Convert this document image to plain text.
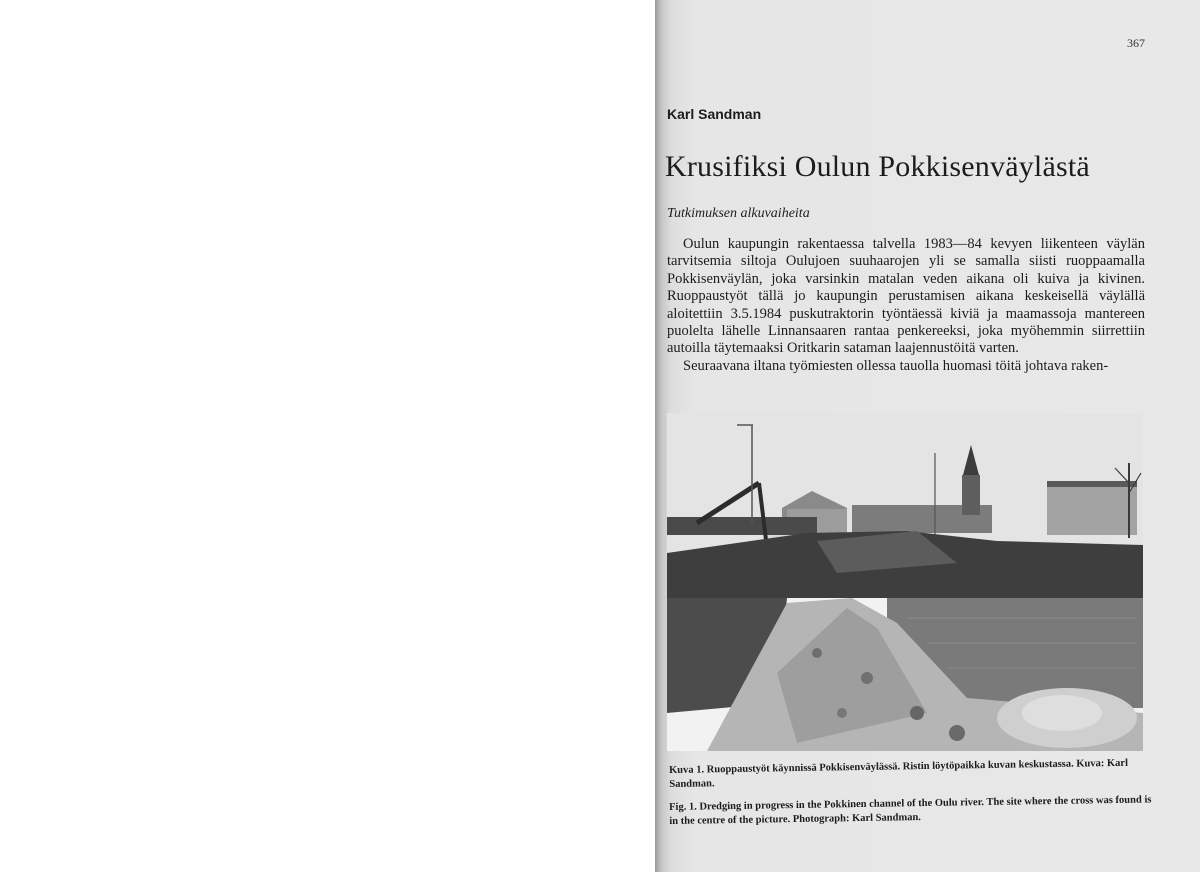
367
Karl Sandman
Krusifiksi Oulun Pokkisenväylästä
Tutkimuksen alkuvaiheita

Oulun kaupungin rakentaessa talvella 1983—84 kevyen liikenteen väylän tarvitsemia siltoja Oulujoen suuhaarojen yli se samalla siisti ruoppaamalla Pokkisenväylän, joka varsinkin matalan veden aikana oli kuiva ja kivinen. Ruoppaustyöt tällä jo kaupungin perustamisen aikana keskeisellä väylällä aloitettiin 3.5.1984 puskutraktorin työntäessä kiviä ja maamassoja mantereen puolelta lähelle Linnansaaren rantaa penkereeksi, joka myöhemmin siirrettiin autoilla täytemaaksi Oritkarin sataman laajennustöitä varten.

Seuraavana iltana työmiesten ollessa tauolla huomasi töitä johtava raken-

Kuva 1. Ruoppaustyöt käynnissä Pokkisenväylässä. Ristin löytöpaikka kuvan keskustassa. Kuva: Karl Sandman.
Fig. 1. Dredging in progress in the Pokkinen channel of the Oulu river. The site where the cross was found is in the centre of the picture. Photograph: Karl Sandman.
